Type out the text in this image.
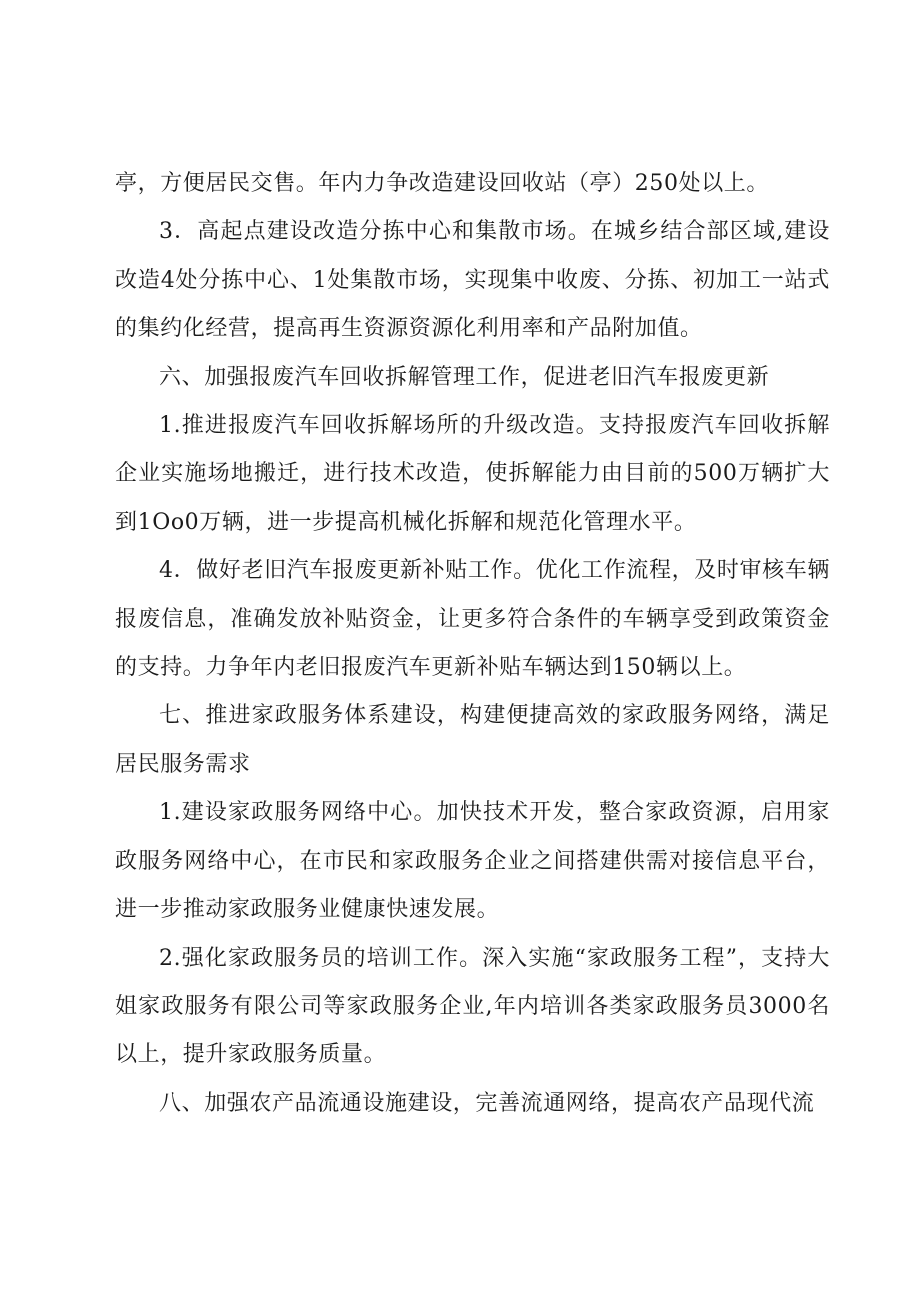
亭，方便居民交售。年内力争改造建设回收站（亭）250处以上。

3．高起点建设改造分拣中心和集散市场。在城乡结合部区域,建设改造4处分拣中心、1处集散市场，实现集中收废、分拣、初加工一站式的集约化经营，提高再生资源资源化利用率和产品附加值。

六、加强报废汽车回收拆解管理工作，促进老旧汽车报废更新

1.推进报废汽车回收拆解场所的升级改造。支持报废汽车回收拆解企业实施场地搬迁，进行技术改造，使拆解能力由目前的500万辆扩大到1Oo0万辆，进一步提高机械化拆解和规范化管理水平。

4．做好老旧汽车报废更新补贴工作。优化工作流程，及时审核车辆报废信息，准确发放补贴资金，让更多符合条件的车辆享受到政策资金的支持。力争年内老旧报废汽车更新补贴车辆达到150辆以上。

七、推进家政服务体系建设，构建便捷高效的家政服务网络，满足居民服务需求

1.建设家政服务网络中心。加快技术开发，整合家政资源，启用家政服务网络中心，在市民和家政服务企业之间搭建供需对接信息平台，进一步推动家政服务业健康快速发展。

2.强化家政服务员的培训工作。深入实施“家政服务工程”，支持大姐家政服务有限公司等家政服务企业,年内培训各类家政服务员3000名以上，提升家政服务质量。

八、加强农产品流通设施建设，完善流通网络，提高农产品现代流
